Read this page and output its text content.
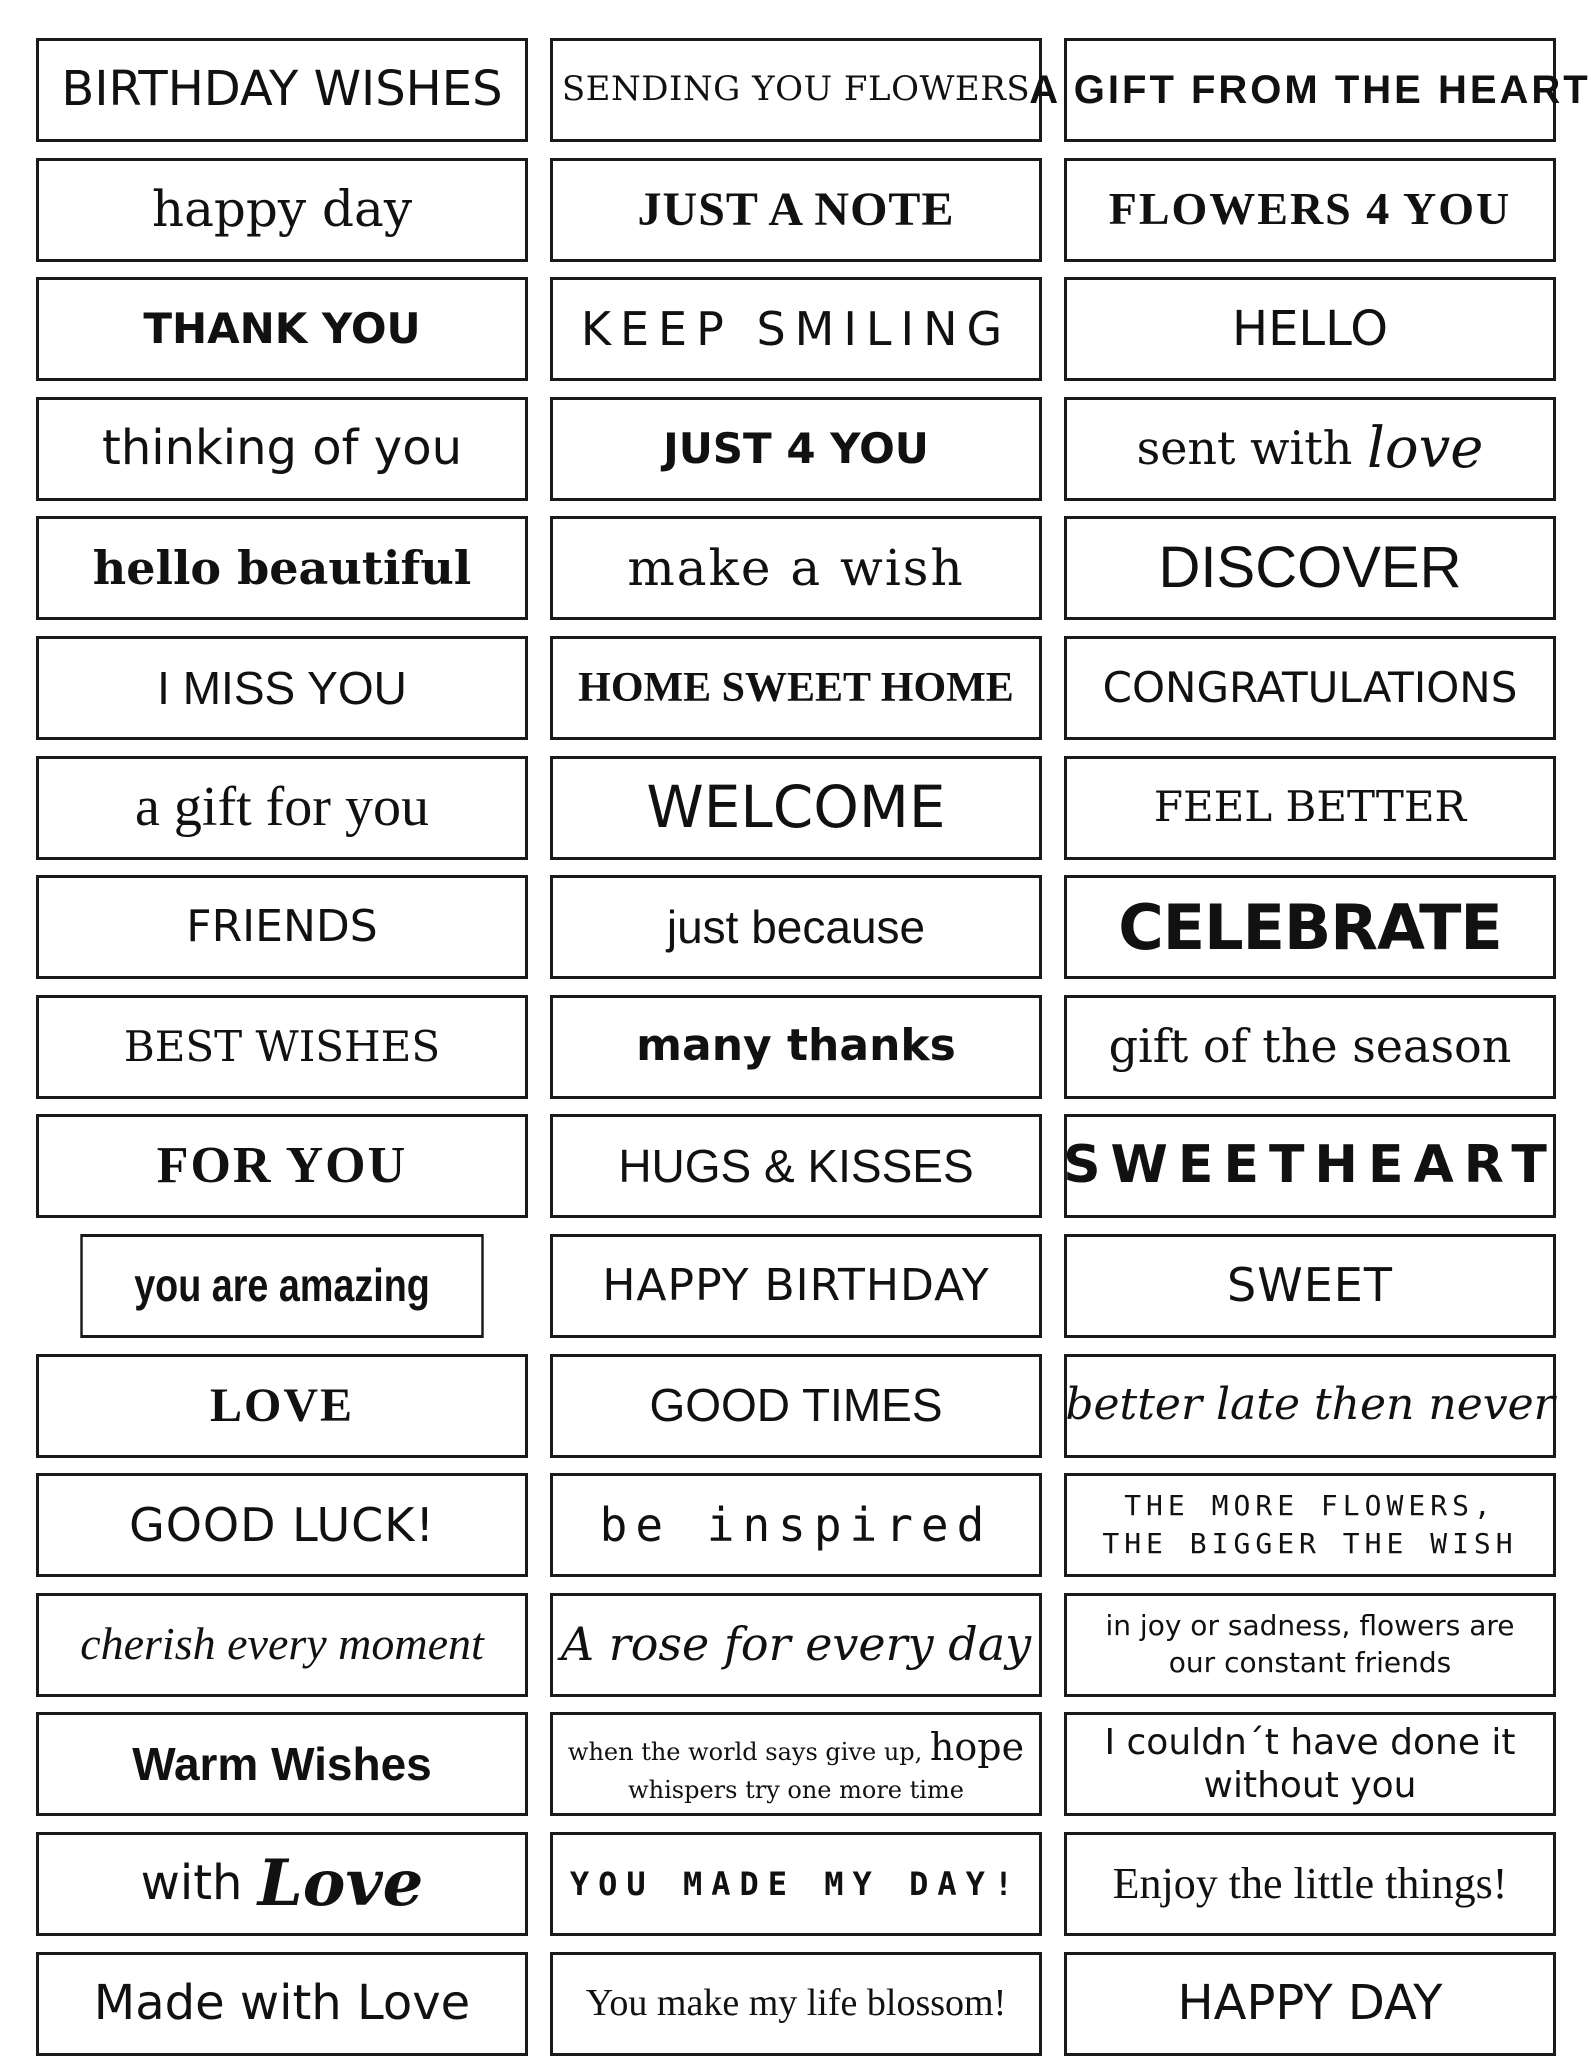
BIRTHDAY WISHES
happy day
THANK YOU
thinking of you
hello beautiful
I MISS YOU
a gift for you
FRIENDS
BEST WISHES
FOR YOU
you are amazing
LOVE
GOOD LUCK!
cherish every moment
Warm Wishes
with
Love
Made with Love
SENDING YOU FLOWERS
JUST A NOTE
KEEP SMILING
JUST 4 YOU
make a wish
HOME SWEET HOME
WELCOME
just because
many thanks
HUGS & KISSES
HAPPY BIRTHDAY
GOOD TIMES
be inspired
A rose for every day
when the world says give up, hope
whispers try one more time
YOU MADE MY DAY!
You make my life blossom!
A GIFT FROM THE HEART
FLOWERS 4 YOU
HELLO
sent with
love
DISCOVER
CONGRATULATIONS
FEEL BETTER
CELEBRATE
gift of the season
SWEETHEART
SWEET
better late then never
THE MORE FLOWERS,
THE BIGGER THE WISH
in joy or sadness, flowers are
our constant friends
I couldn´t have done it
without you
Enjoy the little things!
HAPPY DAY
